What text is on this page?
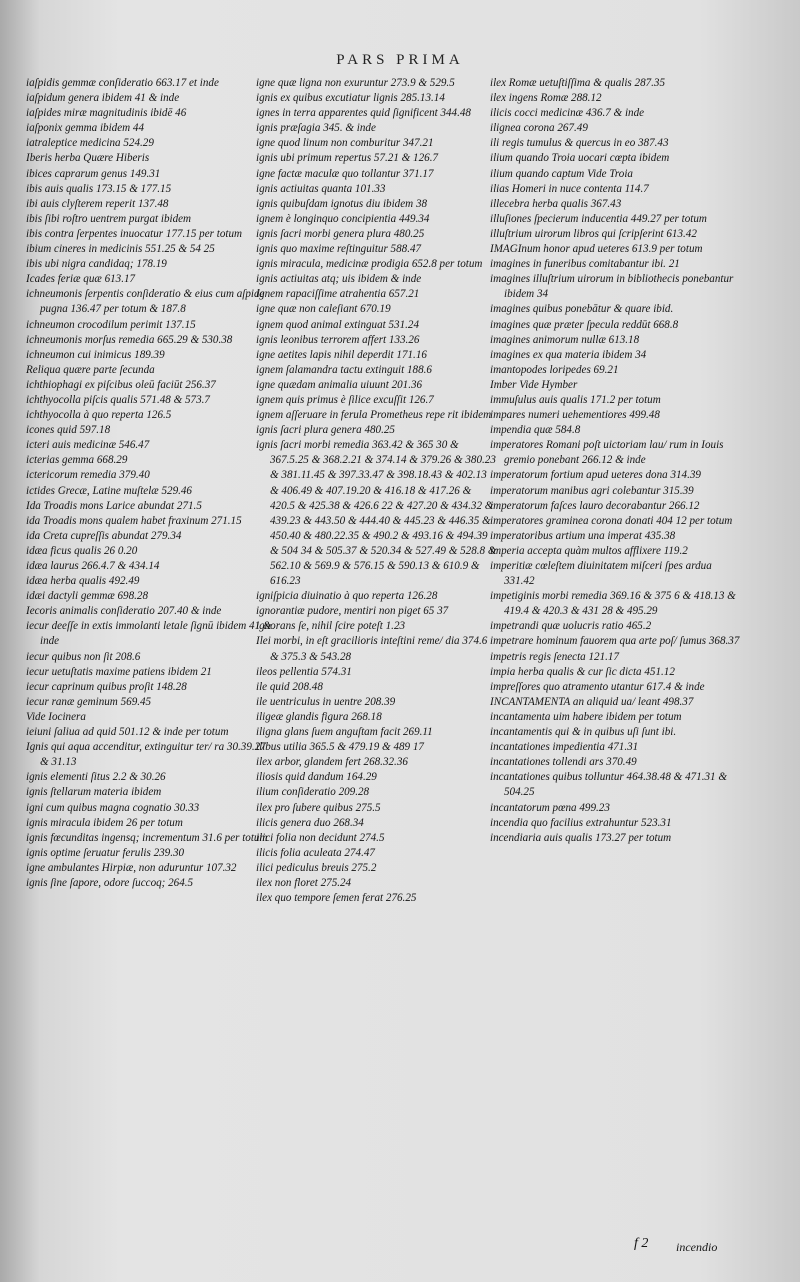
PARS PRIMA

iaſpidis gemmæ conſideratio 663.17 et inde

iaſpidum genera ibidem 41 & inde

iaſpides miræ magnitudinis ibidē 46

iaſponix gemma ibidem 44

iatraleptice medicina 524.29

Iberis herba Quære Hiberis

ibices caprarum genus 149.31

ibis auis qualis 173.15 & 177.15

ibi auis clyſterem reperit 137.48

ibis ſibi roſtro uentrem purgat ibidem

ibis contra ſerpentes inuocatur 177.15 per totum

ibium cineres in medicinis 551.25 & 54 25

ibis ubi nigra candidaq; 178.19

Icades feriæ quæ 613.17

ichneumonis ſerpentis conſideratio & eius cum aſpide pugna 136.47 per totum & 187.8

ichneumon crocodilum perimit 137.15

ichneumonis morſus remedia 665.29 & 530.38

ichneumon cui inimicus 189.39

Reliqua quære parte ſecunda

ichthiophagi ex piſcibus oleū faciūt 256.37

ichthyocolla piſcis qualis 571.48 & 573.7

ichthyocolla à quo reperta 126.5

icones quid 597.18

icteri auis medicinæ 546.47

icterias gemma 668.29

ictericorum remedia 379.40

ictides Grecæ, Latine muſtelæ 529.46

Ida Troadis mons Larice abundat 271.5

ida Troadis mons qualem habet fraxinum 271.15

ida Creta cupreſſis abundat 279.34

idæa ficus qualis 26 0.20

idæa laurus 266.4.7 & 434.14

idæa herba qualis 492.49

idæi dactyli gemmæ 698.28

Iecoris animalis conſideratio 207.40 & inde

iecur deeſſe in extis immolanti letale ſignū ibidem 41 & inde

iecur quibus non ſit 208.6

iecur uetuſtatis maxime patiens ibidem 21

iecur caprinum quibus proſit 148.28

iecur ranæ geminum 569.45

Vide Iocinera

ieiuni ſaliua ad quid 501.12 & inde per totum

Ignis qui aqua accenditur, extinguitur ter/ ra 30.39.27 & 31.13

ignis elementi ſitus 2.2 & 30.26

ignis ſtellarum materia ibidem

igni cum quibus magna cognatio 30.33

ignis miracula ibidem 26 per totum

ignis fœcunditas ingensq; incrementum 31.6 per totum

ignis optime ſeruatur ferulis 239.30

igne ambulantes Hirpiæ, non aduruntur 107.32

ignis ſine ſapore, odore ſuccoq; 264.5

igne quæ ligna non exuruntur 273.9 & 529.5

ignis ex quibus excutiatur lignis 285.13.14

ignes in terra apparentes quid ſignificent 344.48

ignis præſagia 345. & inde

igne quod linum non comburitur 347.21

ignis ubi primum repertus 57.21 & 126.7

igne factæ maculæ quo tollantur 371.17

ignis actiuitas quanta 101.33

ignis quibuſdam ignotus diu ibidem 38

ignem è longinquo concipientia 449.34

ignis ſacri morbi genera plura 480.25

ignis quo maxime reſtinguitur 588.47

ignis miracula, medicinæ prodigia 652.8 per totum

ignis actiuitas atq; uis ibidem & inde

ignem rapaciſſime atrahentia 657.21

igne quæ non caleſiant 670.19

ignem quod animal extinguat 531.24

ignis leonibus terrorem affert 133.26

igne aetites lapis nihil deperdit 171.16

ignem ſalamandra tactu extinguit 188.6

igne quædam animalia uiuunt 201.36

ignem quis primus è ſilice excuſſit 126.7

ignem aſſeruare in ferula Prometheus repe rit ibidem

ignis ſacri plura genera 480.25

ignis ſacri morbi remedia 363.42 & 365 30 & 367.5.25 & 368.2.21 & 374.14 & 379.26 & 380.23 & 381.11.45 & 397.33.47 & 398.18.43 & 402.13 & 406.49 & 407.19.20 & 416.18 & 417.26 & 420.5 & 425.38 & 426.6 22 & 427.20 & 434.32 & 439.23 & 443.50 & 444.40 & 445.23 & 446.35 & 450.40 & 480.22.35 & 490.2 & 493.16 & 494.39 & 504 34 & 505.37 & 520.34 & 527.49 & 528.8 & 562.10 & 569.9 & 576.15 & 590.13 & 610.9 & 616.23

igniſpicia diuinatio à quo reperta 126.28

ignorantiæ pudore, mentiri non piget 65 37

ignorans ſe, nihil ſcire poteſt 1.23

Ilei morbi, in eſt gracilioris inteſtini reme/ dia 374.6 & 375.3 & 543.28

ileos pellentia 574.31

ile quid 208.48

ile uentriculus in uentre 208.39

iligeæ glandis figura 268.18

iligna glans ſuem anguſtam facit 269.11

ilibus utilia 365.5 & 479.19 & 489 17

ilex arbor, glandem fert 268.32.36

iliosis quid dandum 164.29

ilium conſideratio 209.28

ilex pro ſubere quibus 275.5

ilicis genera duo 268.34

ilici folia non decidunt 274.5

ilicis folia aculeata 274.47

ilici pediculus breuis 275.2

ilex non floret 275.24

ilex quo tempore ſemen ferat 276.25

ilex Romæ uetuſtiſſima & qualis 287.35

ilex ingens Romæ 288.12

ilicis cocci medicinæ 436.7 & inde

ilignea corona 267.49

ili regis tumulus & quercus in eo 387.43

ilium quando Troia uocari cœpta ibidem

ilium quando captum Vide Troia

ilias Homeri in nuce contenta 114.7

illecebra herba qualis 367.43

illuſiones ſpecierum inducentia 449.27 per totum

illuſtrium uirorum libros qui ſcripſerint 613.42

IMAGInum honor apud ueteres 613.9 per totum

imagines in funeribus comitabantur ibi. 21

imagines illuſtrium uirorum in bibliothecis ponebantur ibidem 34

imagines quibus ponebātur & quare ibid.

imagines quæ præter ſpecula reddūt 668.8

imagines animorum nullæ 613.18

imagines ex qua materia ibidem 34

imantopodes loripedes 69.21

Imber Vide Hymber

immuſulus auis qualis 171.2 per totum

impares numeri uehementiores 499.48

impendia quæ 584.8

imperatores Romani poſt uictoriam lau/ rum in Iouis gremio ponebant 266.12 & inde

imperatorum fortium apud ueteres dona 314.39

imperatorum manibus agri colebantur 315.39

imperatorum faſces lauro decorabantur 266.12

imperatores graminea corona donati 404 12 per totum

imperatoribus artium una imperat 435.38

imperia accepta quàm multos afflixere 119.2

imperitiæ cœleſtem diuinitatem miſceri ſpes ardua 331.42

impetiginis morbi remedia 369.16 & 375 6 & 418.13 & 419.4 & 420.3 & 431 28 & 495.29

impetrandi quæ uolucris ratio 465.2

impetrare hominum fauorem qua arte poſ/ ſumus 368.37

impetris regis ſenecta 121.17

impia herba qualis & cur ſic dicta 451.12

impreſſores quo atramento utantur 617.4 & inde

INCANTAMENTA an aliquid ua/ leant 498.37

incantamenta uim habere ibidem per totum

incantamentis qui & in quibus uſi ſunt ibi.

incantationes impedientia 471.31

incantationes tollendi ars 370.49

incantationes quibus tolluntur 464.38.48 & 471.31 & 504.25

incantatorum pœna 499.23

incendia quo facilius extrahuntur 523.31

incendiaria auis qualis 173.27 per totum

f 2 incendio
